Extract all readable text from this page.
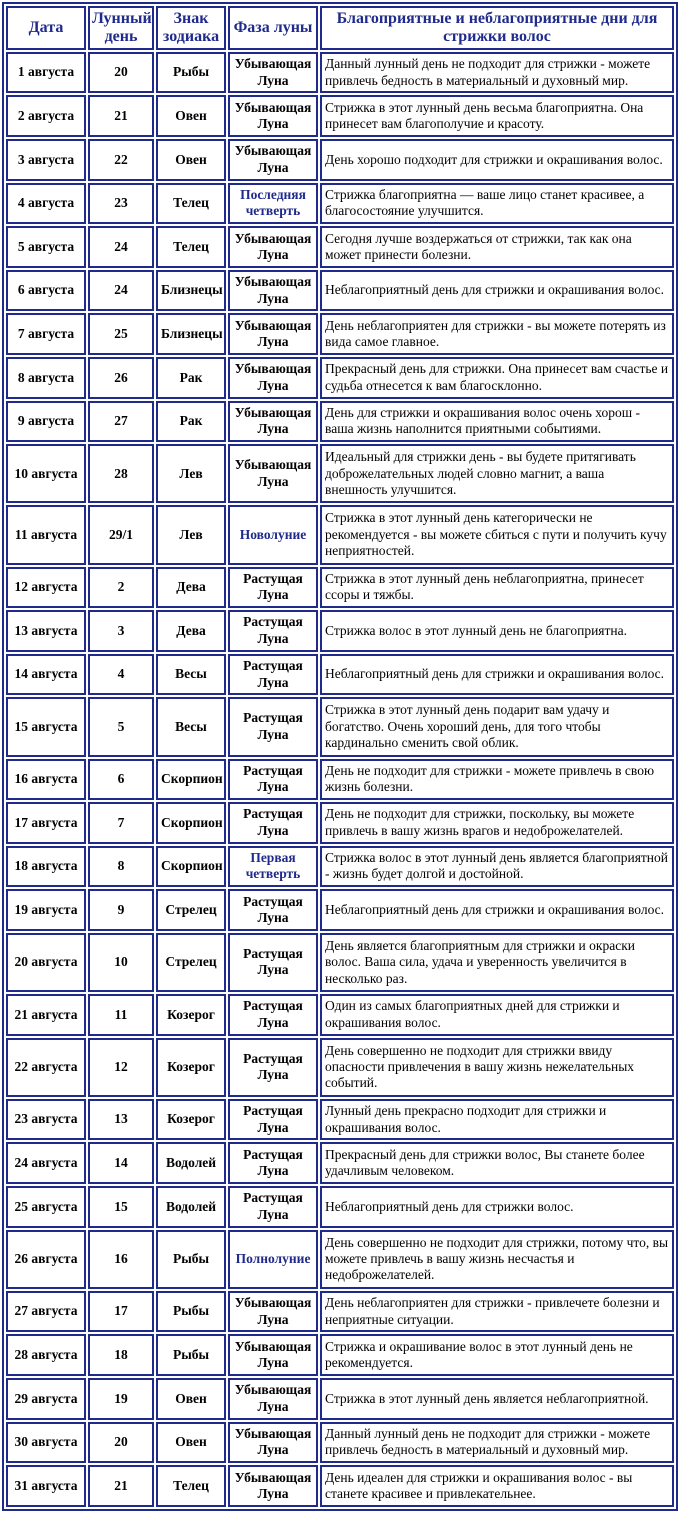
Дата	Лунный день	Знак зодиака	Фаза луны	Благоприятные и неблагоприятные дни для стрижки волос
1 августа	20	Рыбы	Убывающая Луна	Данный лунный день не подходит для стрижки - можете привлечь бедность в материальный и духовный мир.
2 августа	21	Овен	Убывающая Луна	Стрижка в этот лунный день весьма благоприятна. Она принесет вам благополучие и красоту.
3 августа	22	Овен	Убывающая Луна	День хорошо подходит для стрижки и окрашивания волос.
4 августа	23	Телец	Последняя четверть	Стрижка благоприятна — ваше лицо станет красивее, а благосостояние улучшится.
5 августа	24	Телец	Убывающая Луна	Сегодня лучше воздержаться от стрижки, так как она может принести болезни.
6 августа	24	Близнецы	Убывающая Луна	Неблагоприятный день для стрижки и окрашивания волос.
7 августа	25	Близнецы	Убывающая Луна	День неблагоприятен для стрижки - вы можете потерять из вида самое главное.
8 августа	26	Рак	Убывающая Луна	Прекрасный день для стрижки. Она принесет вам счастье и судьба отнесется к вам благосклонно.
9 августа	27	Рак	Убывающая Луна	День для стрижки и окрашивания волос очень хорош - ваша жизнь наполнится приятными событиями.
10 августа	28	Лев	Убывающая Луна	Идеальный для стрижки день - вы будете притягивать доброжелательных людей словно магнит, а ваша внешность улучшится.
11 августа	29/1	Лев	Новолуние	Стрижка в этот лунный день категорически не рекомендуется - вы можете сбиться с пути и получить кучу неприятностей.
12 августа	2	Дева	Растущая Луна	Стрижка в этот лунный день неблагоприятна, принесет ссоры и тяжбы.
13 августа	3	Дева	Растущая Луна	Стрижка волос в этот лунный день не благоприятна.
14 августа	4	Весы	Растущая Луна	Неблагоприятный день для стрижки и окрашивания волос.
15 августа	5	Весы	Растущая Луна	Стрижка в этот лунный день подарит вам удачу и богатство. Очень хороший день, для того чтобы кардинально сменить свой облик.
16 августа	6	Скорпион	Растущая Луна	День не подходит для стрижки - можете привлечь в свою жизнь болезни.
17 августа	7	Скорпион	Растущая Луна	День не подходит для стрижки, поскольку, вы можете привлечь в вашу жизнь врагов и недоброжелателей.
18 августа	8	Скорпион	Первая четверть	Стрижка волос в этот лунный день является благоприятной - жизнь будет долгой и достойной.
19 августа	9	Стрелец	Растущая Луна	Неблагоприятный день для стрижки и окрашивания волос.
20 августа	10	Стрелец	Растущая Луна	День является благоприятным для стрижки и окраски волос. Ваша сила, удача и уверенность увеличится в несколько раз.
21 августа	11	Козерог	Растущая Луна	Один из самых благоприятных дней для стрижки и окрашивания волос.
22 августа	12	Козерог	Растущая Луна	День совершенно не подходит для стрижки ввиду опасности привлечения в вашу жизнь нежелательных событий.
23 августа	13	Козерог	Растущая Луна	Лунный день прекрасно подходит для стрижки и окрашивания волос.
24 августа	14	Водолей	Растущая Луна	Прекрасный день для стрижки волос, Вы станете более удачливым человеком.
25 августа	15	Водолей	Растущая Луна	Неблагоприятный день для стрижки волос.
26 августа	16	Рыбы	Полнолуние	День совершенно не подходит для стрижки, потому что, вы можете привлечь в вашу жизнь несчастья и недоброжелателей.
27 августа	17	Рыбы	Убывающая Луна	День неблагоприятен для стрижки - привлечете болезни и неприятные ситуации.
28 августа	18	Рыбы	Убывающая Луна	Стрижка и окрашивание волос в этот лунный день не рекомендуется.
29 августа	19	Овен	Убывающая Луна	Стрижка в этот лунный день является неблагоприятной.
30 августа	20	Овен	Убывающая Луна	Данный лунный день не подходит для стрижки - можете привлечь бедность в материальный и духовный мир.
31 августа	21	Телец	Убывающая Луна	День идеален для стрижки и окрашивания волос - вы станете красивее и привлекательнее.
